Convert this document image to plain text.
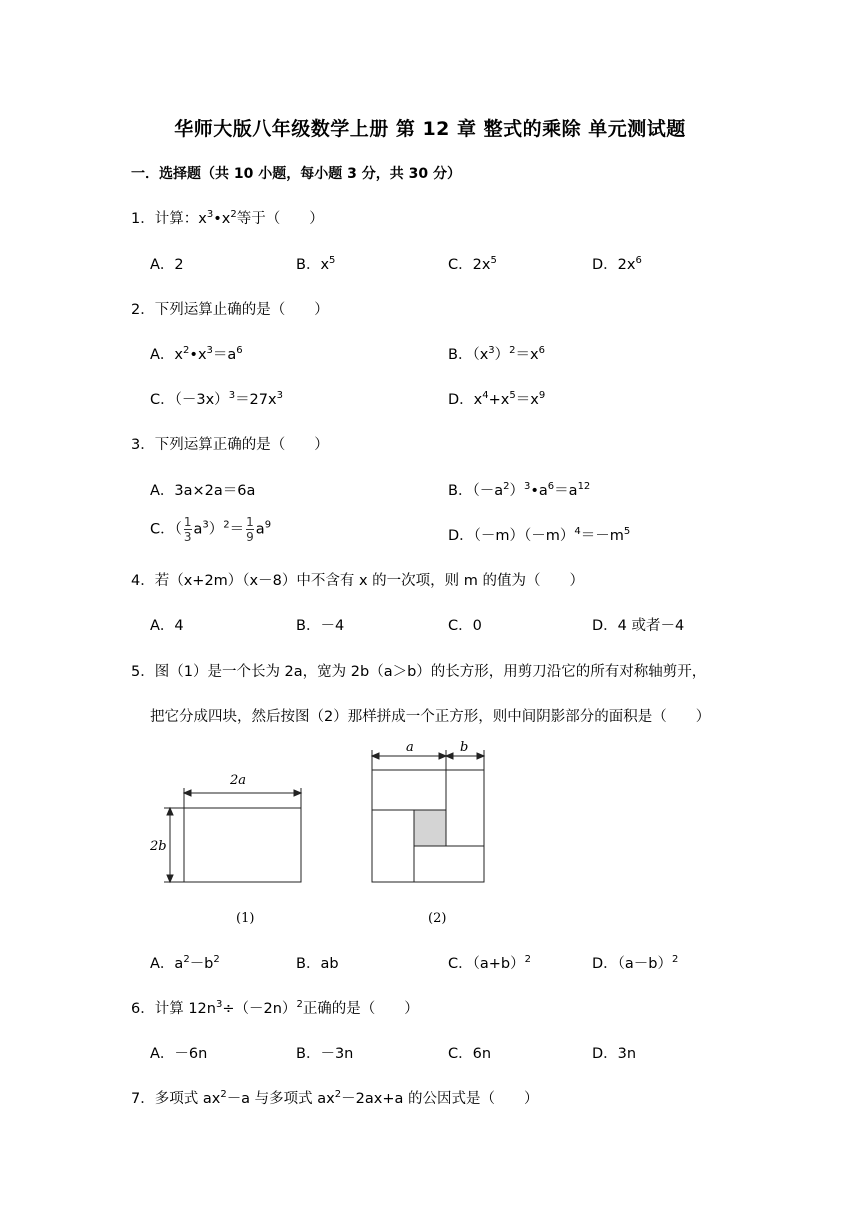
华师大版八年级数学上册 第 12 章 整式的乘除 单元测试题
一．选择题（共 10 小题，每小题 3 分，共 30 分）
1．计算：$x^3•x^2$等于（　　）
A．2	B．$x^5$	C．$2x^5$	D．$2x^6$
2．下列运算止确的是（　　）
A．$x^2•x^3=a^6$	B．$(x^3)^2=x^6$
C．$(-3x)^3=27x^3$	D．$x^4+x^5=x^9$
3．下列运算正确的是（　　）
A．3a×2a＝6a	B．$(-a^2)^3•a^6=a^{12}$
C．（ $\frac{1}{3} a^3)^2= \frac{1}{9} a^9$
D．$(-m)(-m)^4=-m^5$
4．若（x+2m）（x－8）中不含有 x 的一次项，则 m 的值为（　　）
A．4	B．－4	C．0	D．4 或者－4
5．图（1）是一个长为 2a，宽为 2b（a＞b）的长方形，用剪刀沿它的所有对称轴剪开，
把它分成四块，然后按图（2）那样拼成一个正方形，则中间阴影部分的面积是（　　）
2a
2b
(1)
a	b
(2)
A．$a^2-b^2$	B．ab	C．$(a+b)^2$	D．$(a-b)^2$
6．计算 $12n^3\div(-2n)^2$正确的是（　　）
A．－6n	B．－3n	C．6n	D．3n
7．多项式 $ax^2-a$ 与多项式 $ax^2-2ax+a$ 的公因式是（　　）
